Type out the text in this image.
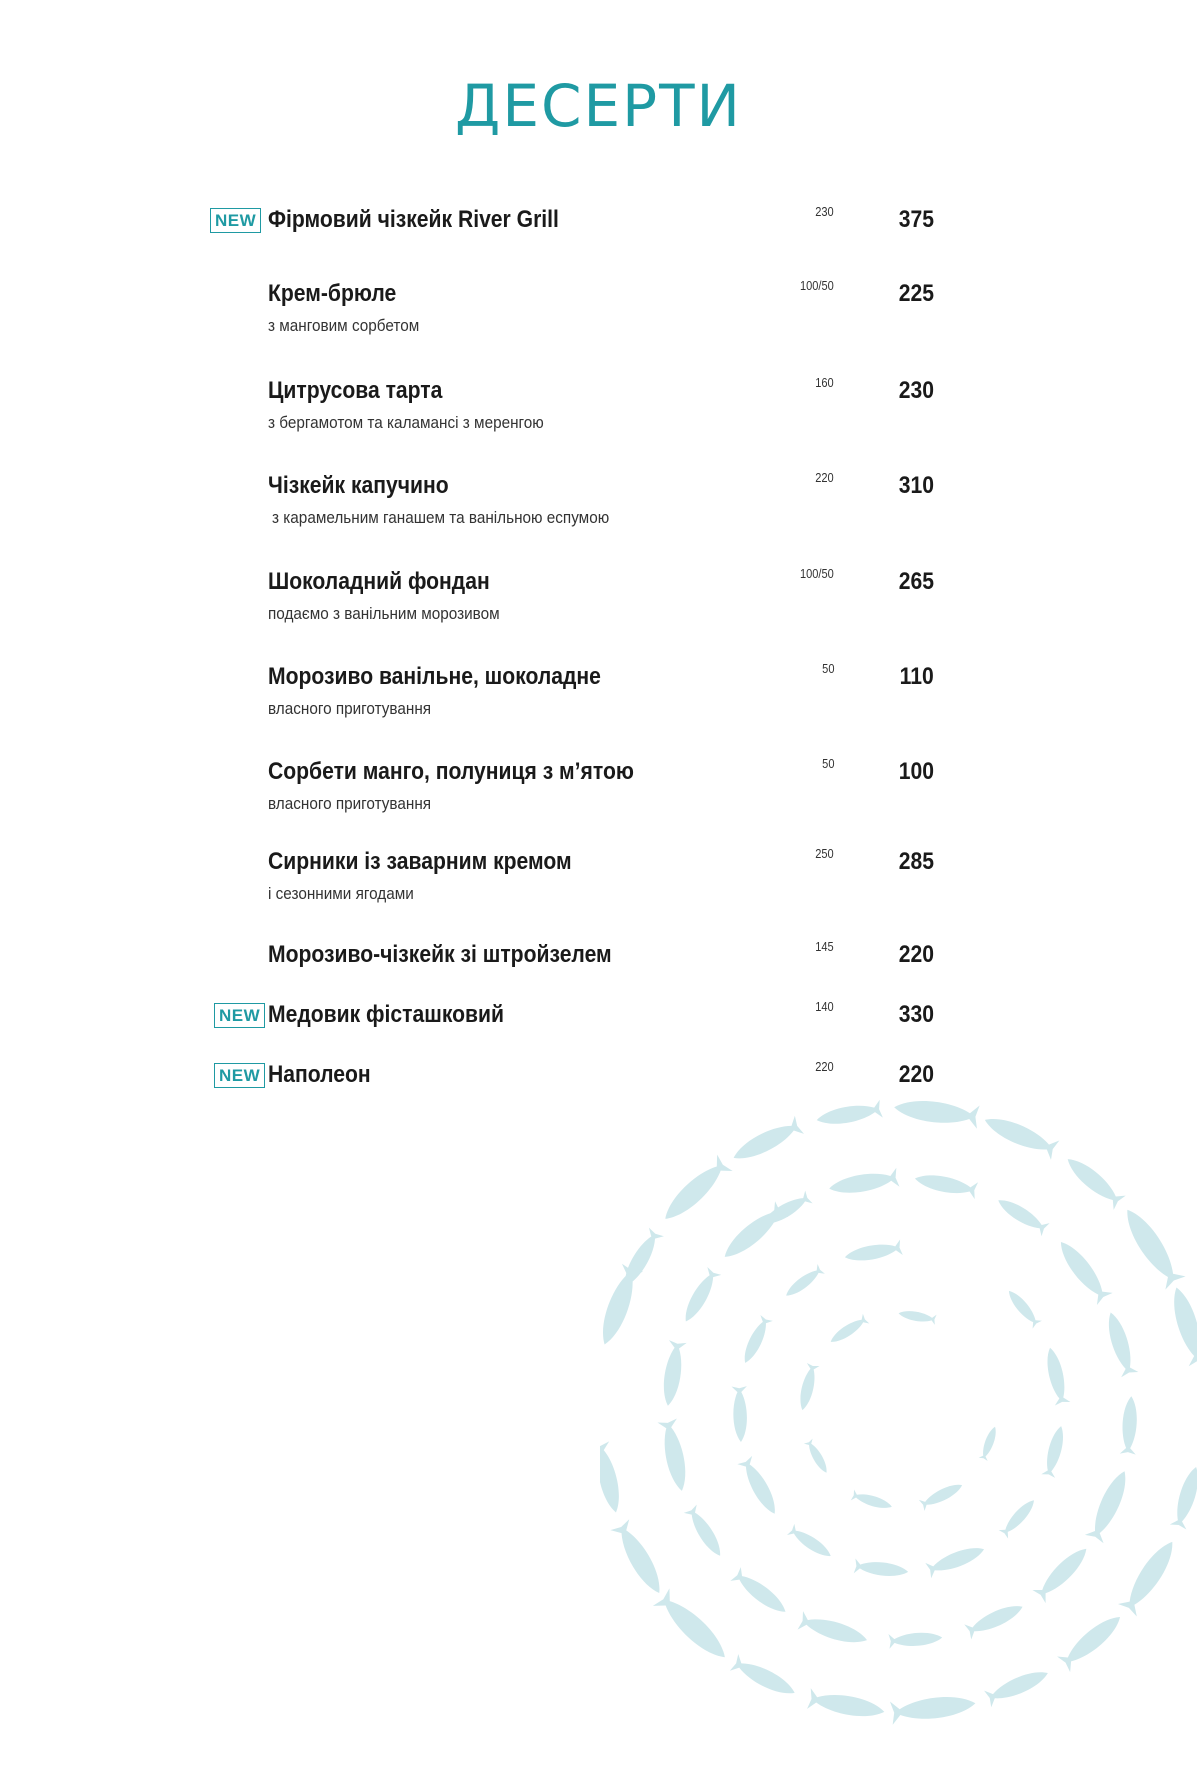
ДЕСЕРТИ
NEW Фірмовий чізкейк River Grill	230	375
Крем-брюле
з манговим сорбетом
100/50	225
Цитрусова тарта
з бергамотом та каламансі з меренгою
160	230
Чізкейк капучино
з карамельним ганашем та ванільною еспумою
220	310
Шоколадний фондан
подаємо з ванільним морозивом
100/50	265
Морозиво ванільне, шоколадне
власного приготування
50	110
Сорбети манго, полуниця з м’ятою
власного приготування
50	100
Сирники із заварним кремом
і сезонними ягодами
250	285
Морозиво-чізкейк зі штройзелем	145	220
NEW Медовик фісташковий	140	330
NEW Наполеон	220	220
